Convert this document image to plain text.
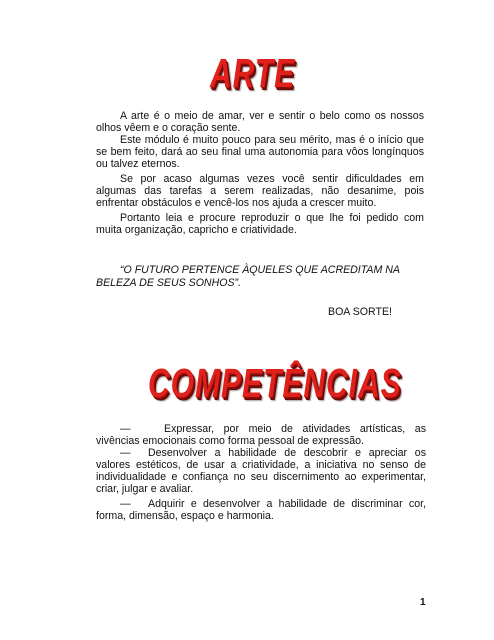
ARTE

A arte é o meio de amar, ver e sentir o belo como os nossos olhos vêem e o coração sente.

Este módulo é muito pouco para seu mérito, mas é o início que se bem feito, dará ao seu final uma autonomia para vôos longínquos ou talvez eternos.

Se por acaso algumas vezes você sentir dificuldades em algumas das tarefas a serem realizadas, não desanime, pois enfrentar obstáculos e vencê-los nos ajuda a crescer muito.

Portanto leia e procure reproduzir o que lhe foi pedido com muita organização, capricho e criatividade.

“O FUTURO PERTENCE ÀQUELES QUE ACREDITAM NA BELEZA DE SEUS SONHOS”.

BOA SORTE!

COMPETÊNCIAS

—	Expressar, por meio de atividades artísticas, as vivências emocionais como forma pessoal de expressão.

— Desenvolver a habilidade de descobrir e apreciar os valores estéticos, de usar a criatividade, a iniciativa no senso de individualidade e confiança no seu discernimento ao experimentar, criar, julgar e avaliar.

— Adquirir e desenvolver a habilidade de discriminar cor, forma, dimensão, espaço e harmonia.

1
